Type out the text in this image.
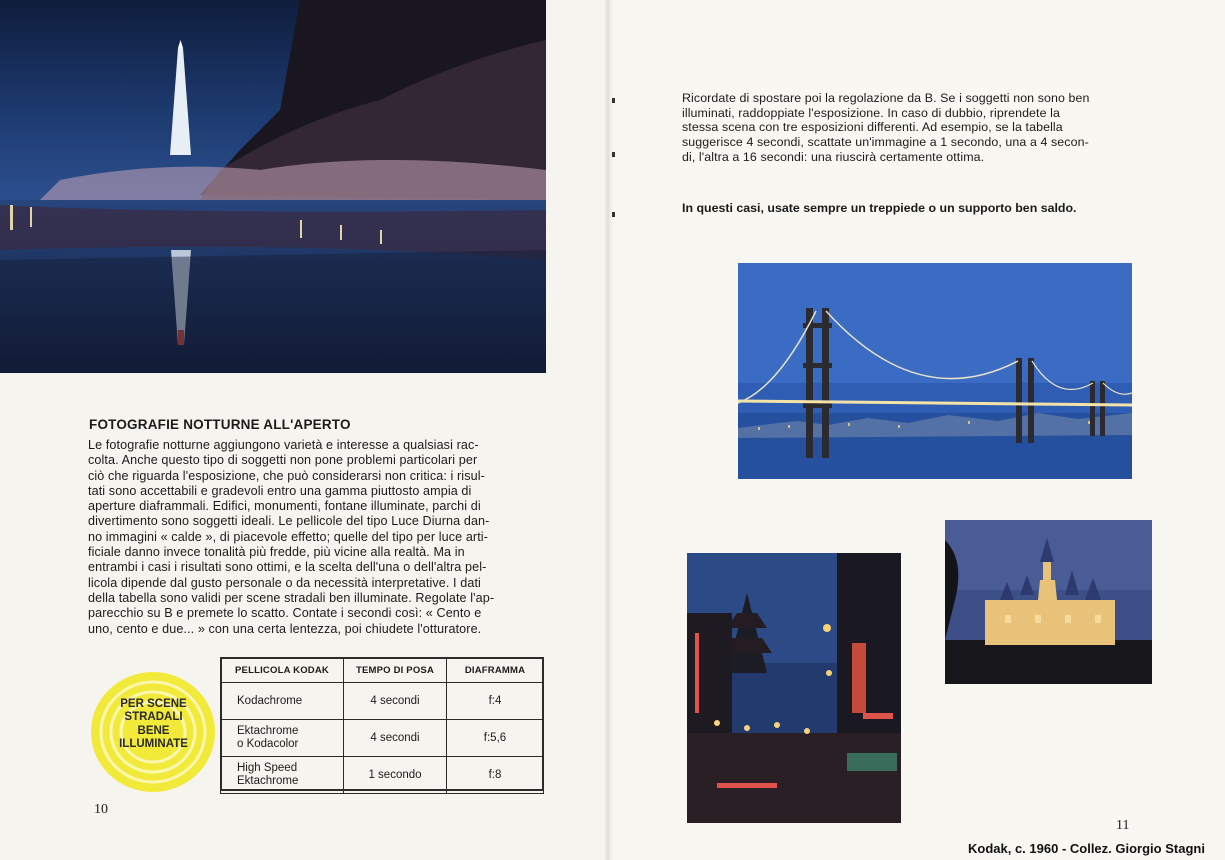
FOTOGRAFIE NOTTURNE ALL'APERTO
Le fotografie notturne aggiungono varietà e interesse a qualsiasi rac-
colta. Anche questo tipo di soggetti non pone problemi particolari per
ciò che riguarda l'esposizione, che può considerarsi non critica: i risul-
tati sono accettabili e gradevoli entro una gamma piuttosto ampia di
aperture diaframmali. Edifici, monumenti, fontane illuminate, parchi di
divertimento sono soggetti ideali. Le pellicole del tipo Luce Diurna dan-
no immagini « calde », di piacevole effetto; quelle del tipo per luce arti-
ficiale danno invece tonalità più fredde, più vicine alla realtà. Ma in
entrambi i casi i risultati sono ottimi, e la scelta dell'una o dell'altra pel-
licola dipende dal gusto personale o da necessità interpretative. I dati
della tabella sono validi per scene stradali ben illuminate. Regolate l'ap-
parecchio su B e premete lo scatto. Contate i secondi così: « Cento e
uno, cento e due... » con una certa lentezza, poi chiudete l'otturatore.
PER SCENE
STRADALI
BENE
ILLUMINATE
PELLICOLA KODAK	TEMPO DI POSA	DIAFRAMMA

Kodachrome	4 secondi	f:4

Ektachrome
o Kodacolor	4 secondi	f:5,6

High Speed
Ektachrome	1 secondo	f:8
10
Ricordate di spostare poi la regolazione da B. Se i soggetti non sono ben
illuminati, raddoppiate l'esposizione. In caso di dubbio, riprendete la
stessa scena con tre esposizioni differenti. Ad esempio, se la tabella
suggerisce 4 secondi, scattate un'immagine a 1 secondo, una a 4 secon-
di, l'altra a 16 secondi: una riuscirà certamente ottima.
In questi casi, usate sempre un treppiede o un supporto ben saldo.
11
Kodak, c. 1960 - Collez. Giorgio Stagni
